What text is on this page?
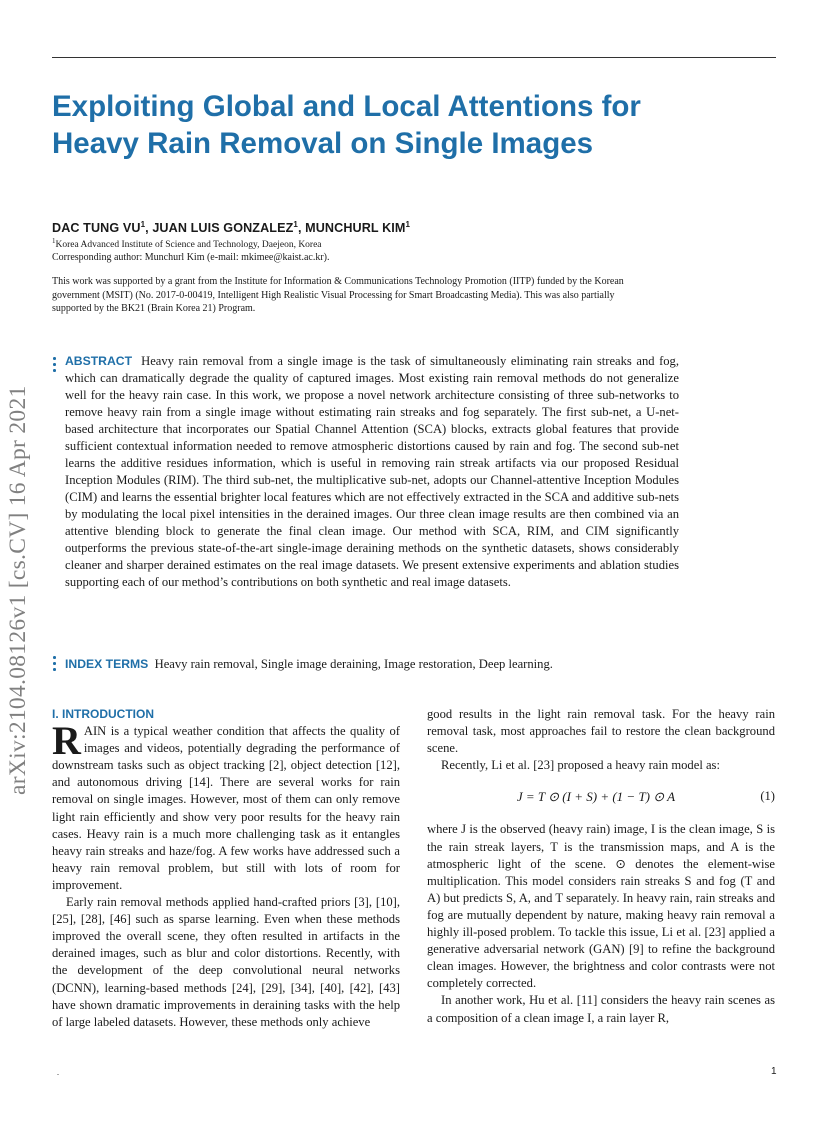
Exploiting Global and Local Attentions for Heavy Rain Removal on Single Images
DAC TUNG $VU^1$, JUAN LUIS GONZALEZ$^1$, MUNCHURL KIM$^1$
$^1$Korea Advanced Institute of Science and Technology, Daejeon, Korea
Corresponding author: Munchurl Kim (e-mail: mkimee@kaist.ac.kr).
This work was supported by a grant from the Institute for Information & Communications Technology Promotion (IITP) funded by the Korean government (MSIT) (No. 2017-0-00419, Intelligent High Realistic Visual Processing for Smart Broadcasting Media). This was also partially supported by the BK21 (Brain Korea 21) Program.
arXiv:2104.08126v1 [cs.CV] 16 Apr 2021

ABSTRACT Heavy rain removal from a single image is the task of simultaneously eliminating rain streaks and fog, which can dramatically degrade the quality of captured images. Most existing rain removal methods do not generalize well for the heavy rain case. In this work, we propose a novel network architecture consisting of three sub-networks to remove heavy rain from a single image without estimating rain streaks and fog separately. The first sub-net, a U-net-based architecture that incorporates our Spatial Channel Attention (SCA) blocks, extracts global features that provide sufficient contextual information needed to remove atmospheric distortions caused by rain and fog. The second sub-net learns the additive residues information, which is useful in removing rain streak artifacts via our proposed Residual Inception Modules (RIM). The third sub-net, the multiplicative sub-net, adopts our Channel-attentive Inception Modules (CIM) and learns the essential brighter local features which are not effectively extracted in the SCA and additive sub-nets by modulating the local pixel intensities in the derained images. Our three clean image results are then combined via an attentive blending block to generate the final clean image. Our method with SCA, RIM, and CIM significantly outperforms the previous state-of-the-art single-image deraining methods on the synthetic datasets, shows considerably cleaner and sharper derained estimates on the real image datasets. We present extensive experiments and ablation studies supporting each of our method’s contributions on both synthetic and real image datasets.

INDEX TERMS Heavy rain removal, Single image deraining, Image restoration, Deep learning.

I. INTRODUCTION

RAIN is a typical weather condition that affects the quality of images and videos, potentially degrading the performance of downstream tasks such as object tracking [2], object detection [12], and autonomous driving [14]. There are several works for rain removal on single images. However, most of them can only remove light rain efficiently and show very poor results for the heavy rain cases. Heavy rain is a much more challenging task as it entangles heavy rain streaks and haze/fog. A few works have addressed such a heavy rain removal problem, but still with lots of room for improvement.

Early rain removal methods applied hand-crafted priors [3], [10], [25], [28], [46] such as sparse learning. Even when these methods improved the overall scene, they often resulted in artifacts in the derained images, such as blur and color distortions. Recently, with the development of the deep convolutional neural networks (DCNN), learning-based methods [24], [29], [34], [40], [42], [43] have shown dramatic improvements in deraining tasks with the help of large labeled datasets. However, these methods only achieve

good results in the light rain removal task. For the heavy rain removal task, most approaches fail to restore the clean background scene.

Recently, Li et al. [23] proposed a heavy rain model as:

J = T ⊙ (I + S) + (1 − T) ⊙ A	(1)

where J is the observed (heavy rain) image, I is the clean image, S is the rain streak layers, T is the transmission maps, and A is the atmospheric light of the scene. ⊙ denotes the element-wise multiplication. This model considers rain streaks S and fog (T and A) but predicts S, A, and T separately. In heavy rain, rain streaks and fog are mutually dependent by nature, making heavy rain removal a highly ill-posed problem. To tackle this issue, Li et al. [23] applied a generative adversarial network (GAN) [9] to refine the background clean images. However, the brightness and color contrasts were not completely corrected.

In another work, Hu et al. [11] considers the heavy rain scenes as a composition of a clean image I, a rain layer R,

.	1
